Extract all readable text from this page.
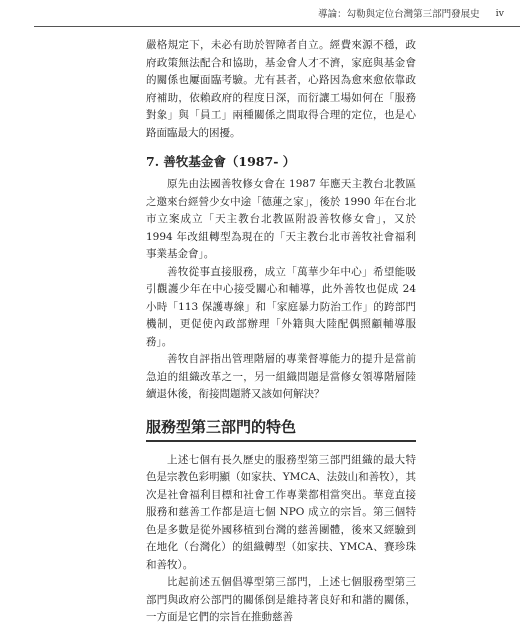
導論：勾勒與定位台灣第三部門發展史 iv

嚴格規定下，未必有助於智障者自立。經費來源不穩，政府政策無法配合和協助，基金會人才不濟，家庭與基金會的關係也屢面臨考驗。尤有甚者，心路因為愈來愈依靠政府補助，依賴政府的程度日深，而衍讓工場如何在「服務對象」與「員工」兩種關係之間取得合理的定位，也是心路面臨最大的困擾。

7. 善牧基金會（1987- ）

原先由法國善牧修女會在 1987 年應天主教台北教區之邀來台經營少女中途「德蓮之家」，後於 1990 年在台北市立案成立「天主教台北教區附設善牧修女會」，又於 1994 年改組轉型為現在的「天主教台北市善牧社會福利事業基金會」。

善牧從事直接服務，成立「萬華少年中心」希望能吸引觀護少年在中心接受關心和輔導，此外善牧也促成 24 小時「113 保護專線」和「家庭暴力防治工作」的跨部門機制，更促使內政部辦理「外籍與大陸配偶照顧輔導服務」。

善牧自評指出管理階層的專業督導能力的提升是當前急迫的組織改革之一，另一組織問題是當修女領導階層陸續退休後，衔接問題將又該如何解決？

服務型第三部門的特色

上述七個有長久歷史的服務型第三部門組織的最大特色是宗教色彩明顯（如家扶、YMCA、法鼓山和善牧），其次是社會福利目標和社會工作專業都相當突出。華竟直接服務和慈善工作都是這七個 NPO 成立的宗旨。第三個特色是多數是從外國移植到台灣的慈善團體，後來又經驗到在地化（台灣化）的組織轉型（如家扶、YMCA、賽珍珠和善牧）。

比起前述五個倡導型第三部門，上述七個服務型第三部門與政府公部門的關係倒是維持著良好和和諧的關係，一方面是它們的宗旨在推動慈善
